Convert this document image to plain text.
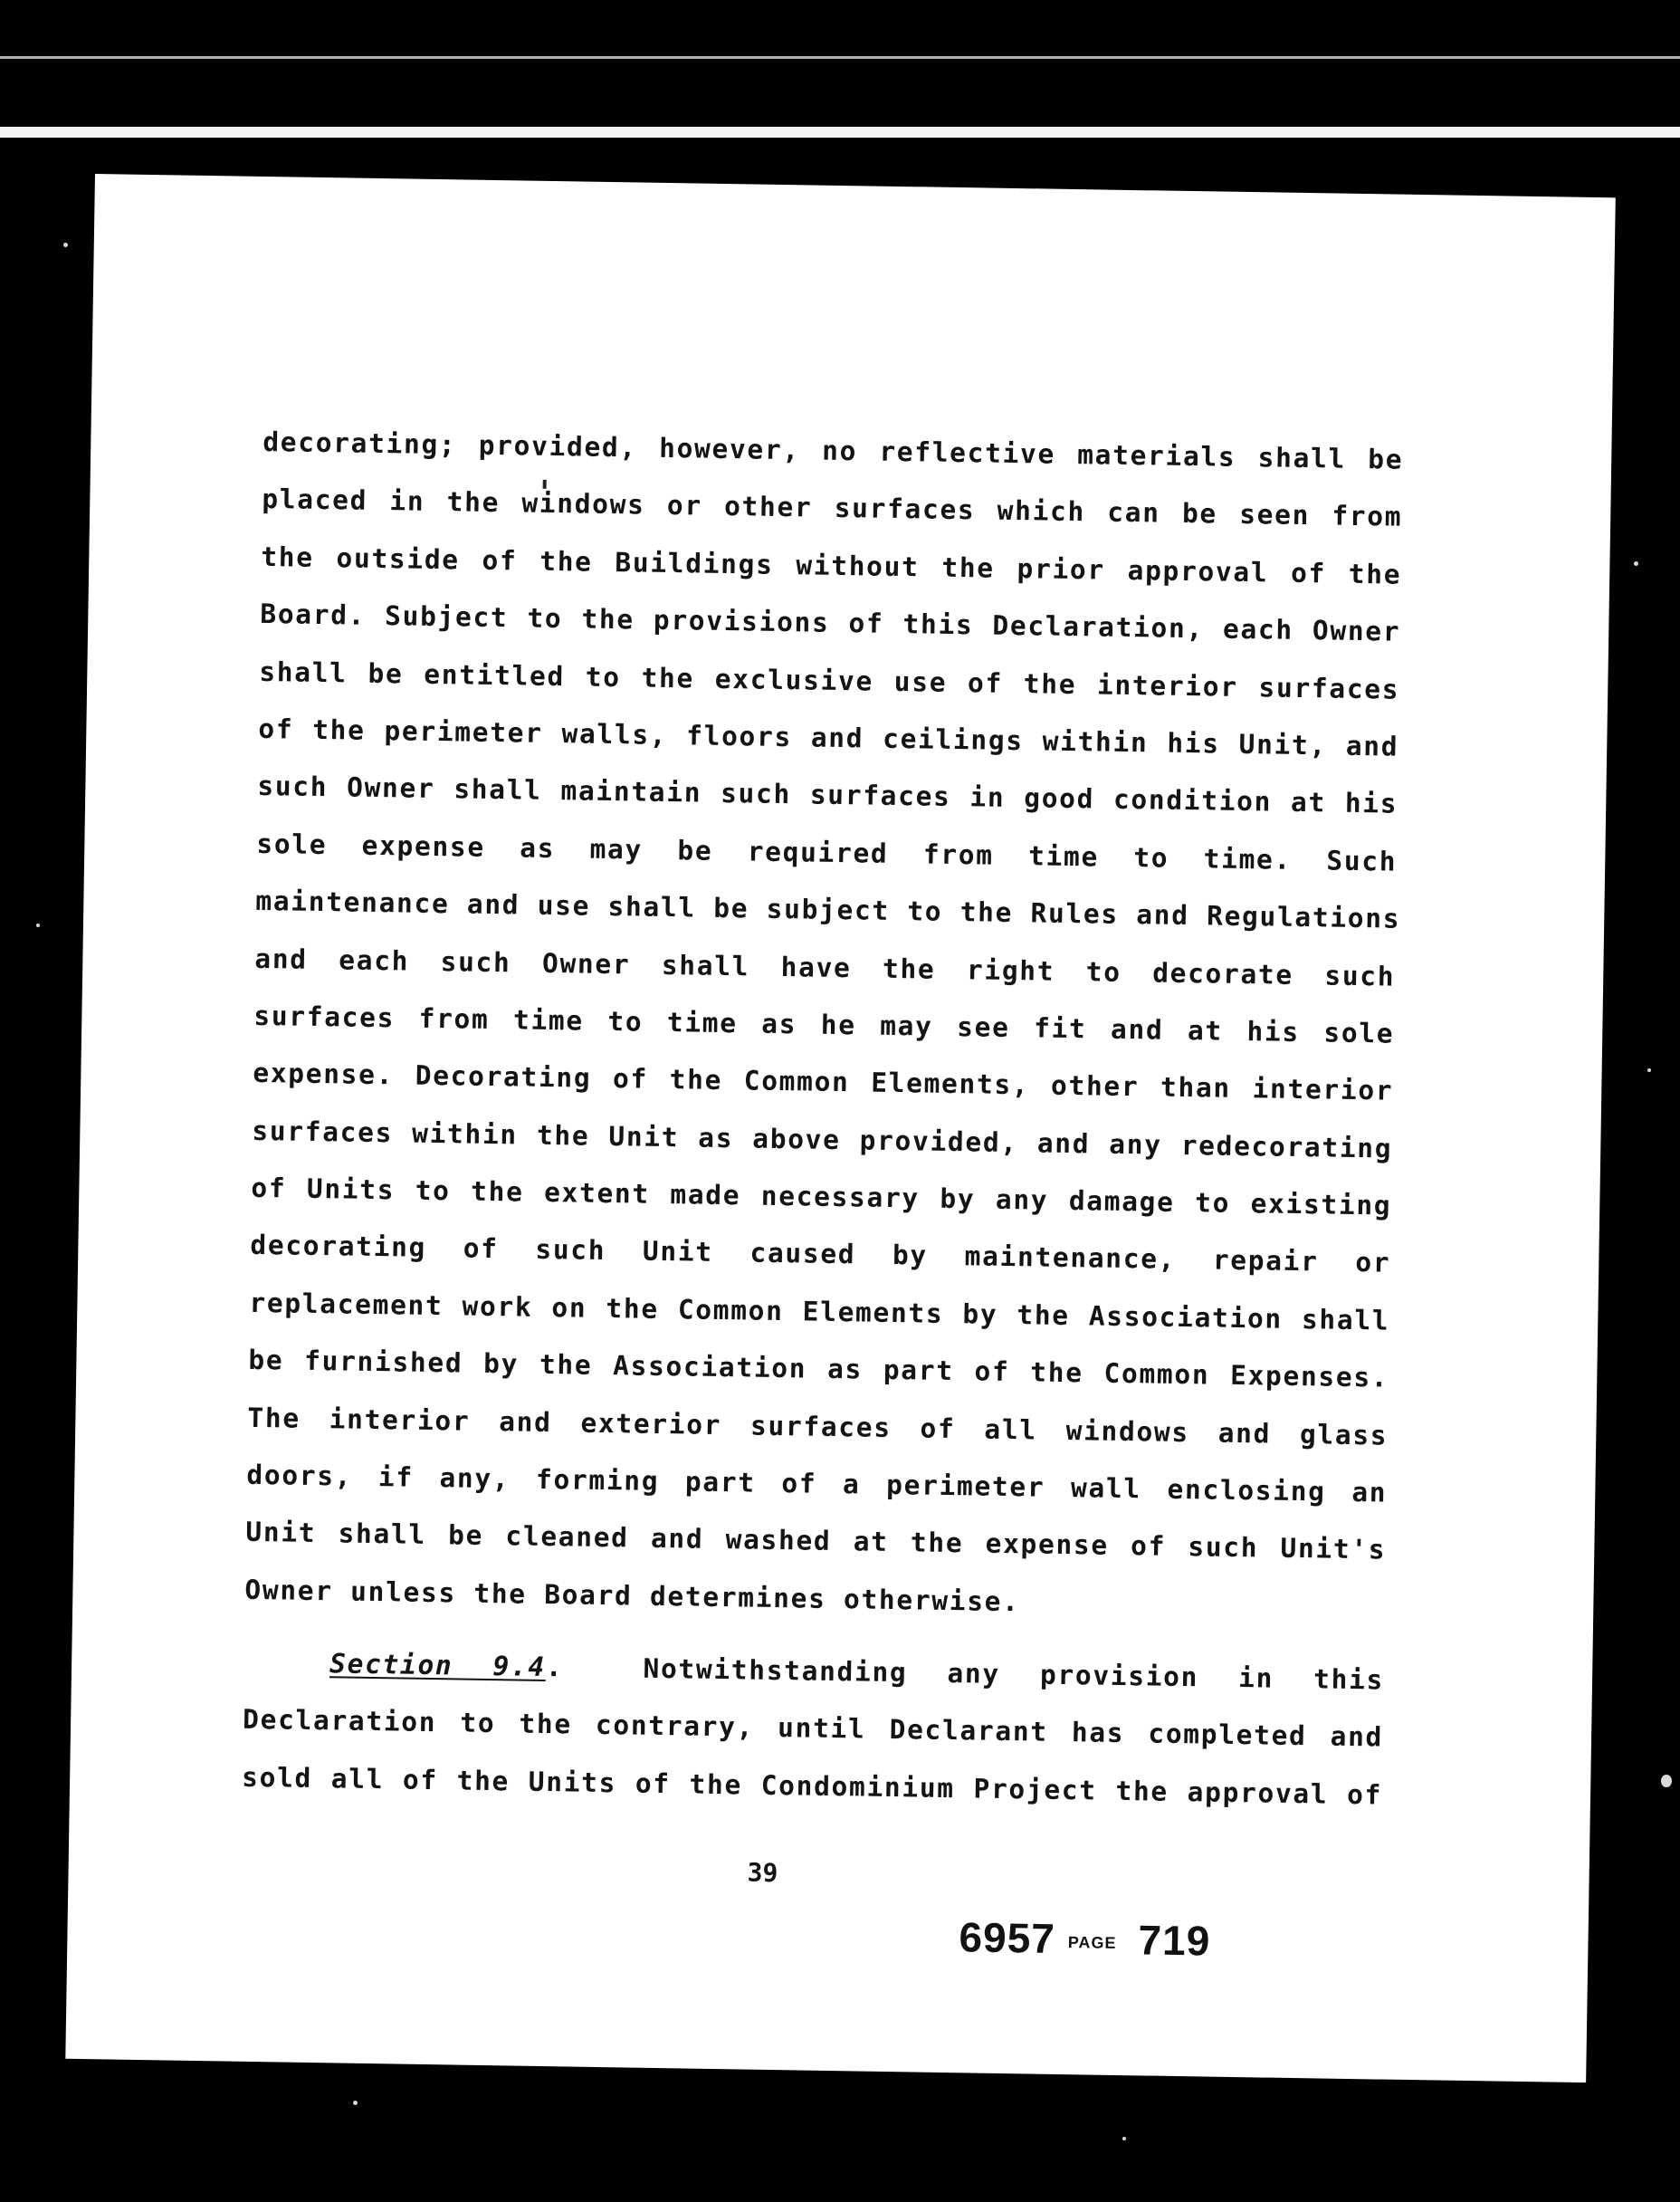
decorating; provided, however, no reflective materials shall be
placed in the windows or other surfaces which can be seen from
the outside of the Buildings without the prior approval of the
Board. Subject to the provisions of this Declaration, each Owner
shall be entitled to the exclusive use of the interior surfaces
of the perimeter walls, floors and ceilings within his Unit, and
such Owner shall maintain such surfaces in good condition at his
sole expense as may be required from time to time. Such
maintenance and use shall be subject to the Rules and Regulations
and each such Owner shall have the right to decorate such
surfaces from time to time as he may see fit and at his sole
expense. Decorating of the Common Elements, other than interior
surfaces within the Unit as above provided, and any redecorating
of Units to the extent made necessary by any damage to existing
decorating of such Unit caused by maintenance, repair or
replacement work on the Common Elements by the Association shall
be furnished by the Association as part of the Common Expenses.
The interior and exterior surfaces of all windows and glass
doors, if any, forming part of a perimeter wall enclosing an
Unit shall be cleaned and washed at the expense of such Unit's
Owner unless the Board determines otherwise.
Section 9.4.	Notwithstanding any provision in this
Declaration to the contrary, until Declarant has completed and
sold all of the Units of the Condominium Project the approval of
39
6957 PAGE 719
